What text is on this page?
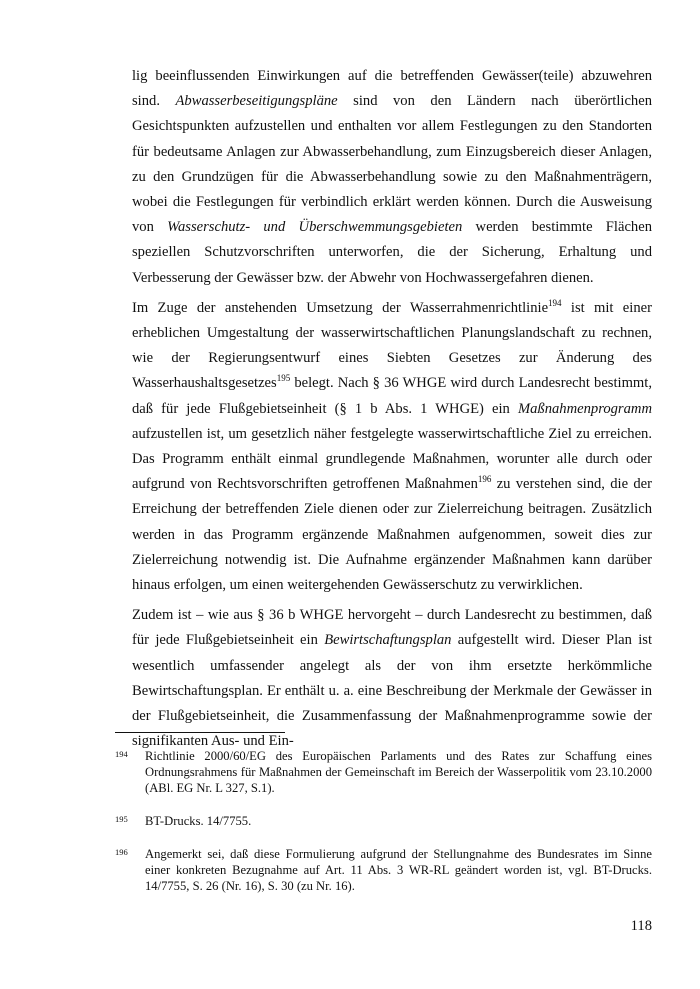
lig beeinflussenden Einwirkungen auf die betreffenden Gewässer(teile) abzuwehren sind. Abwasserbeseitigungspläne sind von den Ländern nach überörtlichen Gesichtspunkten aufzustellen und enthalten vor allem Festlegungen zu den Standorten für bedeutsame Anlagen zur Abwasserbehandlung, zum Einzugsbereich dieser Anlagen, zu den Grundzügen für die Abwasserbehandlung sowie zu den Maßnahmenträgern, wobei die Festlegungen für verbindlich erklärt werden können. Durch die Ausweisung von Wasserschutz- und Überschwemmungsgebieten werden bestimmte Flächen speziellen Schutzvorschriften unterworfen, die der Sicherung, Erhaltung und Verbesserung der Gewässer bzw. der Abwehr von Hochwassergefahren dienen.

Im Zuge der anstehenden Umsetzung der Wasserrahmenrichtlinie$^{194}$ ist mit einer erheblichen Umgestaltung der wasserwirtschaftlichen Planungslandschaft zu rechnen, wie der Regierungsentwurf eines Siebten Gesetzes zur Änderung des Wasserhaushaltsgesetzes$^{195}$ belegt. Nach § 36 WHGE wird durch Landesrecht bestimmt, daß für jede Flußgebietseinheit (§ 1 b Abs. 1 WHGE) ein Maßnahmenprogramm aufzustellen ist, um gesetzlich näher festgelegte wasserwirtschaftliche Ziel zu erreichen. Das Programm enthält einmal grundlegende Maßnahmen, worunter alle durch oder aufgrund von Rechtsvorschriften getroffenen Maßnahmen$^{196}$ zu verstehen sind, die der Erreichung der betreffenden Ziele dienen oder zur Zielerreichung beitragen. Zusätzlich werden in das Programm ergänzende Maßnahmen aufgenommen, soweit dies zur Zielerreichung notwendig ist. Die Aufnahme ergänzender Maßnahmen kann darüber hinaus erfolgen, um einen weitergehenden Gewässerschutz zu verwirklichen.

Zudem ist – wie aus § 36 b WHGE hervorgeht – durch Landesrecht zu bestimmen, daß für jede Flußgebietseinheit ein Bewirtschaftungsplan aufgestellt wird. Dieser Plan ist wesentlich umfassender angelegt als der von ihm ersetzte herkömmliche Bewirtschaftungsplan. Er enthält u. a. eine Beschreibung der Merkmale der Gewässer in der Flußgebietseinheit, die Zusammenfassung der Maßnahmenprogramme sowie der signifikanten Aus- und Ein-

194	Richtlinie 2000/60/EG des Europäischen Parlaments und des Rates zur Schaffung eines Ordnungsrahmens für Maßnahmen der Gemeinschaft im Bereich der Wasserpolitik vom 23.10.2000 (ABl. EG Nr. L 327, S.1).
195	BT-Drucks. 14/7755.
196	Angemerkt sei, daß diese Formulierung aufgrund der Stellungnahme des Bundesrates im Sinne einer konkreten Bezugnahme auf Art. 11 Abs. 3 WR-RL geändert worden ist, vgl. BT-Drucks. 14/7755, S. 26 (Nr. 16), S. 30 (zu Nr. 16).
118
